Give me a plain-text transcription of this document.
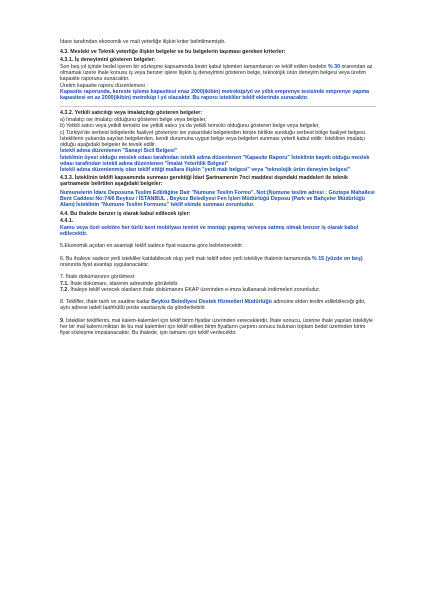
İdare tarafından ekonomik ve mali yeterliğe ilişkin kriter belirtilmemiştir.

4.3. Mesleki ve Teknik yeterliğe ilişkin belgeler ve bu belgelerin taşıması gereken kriterler:

4.3.1. İş deneyimini gösteren belgeler:

Son beş yıl içinde bedel içeren bir sözleşme kapsamında kesin kabul işlemleri tamamlanan ve teklif edilen bedelin % 30 oranından az olmamak üzere ihale konusu iş veya benzer işlere ilişkin iş deneyimini gösteren belge, teknolojik ürün deneyim belgesi veya üretim kapasite raporunu sunacaktır.

Üretim kapasite raporu düzenlemesi :

Kapasite raporunda, kereste işleme kapasitesi enaz 2000(ikibin) metreküp/yıl ve yıllık emprenye tesisinde emprenye yapma kapasitesi en az 2000(ikibin) metreküp / yıl olacaktır. Bu raporu istekliler teklif eklerinde sunacaktır.

4.3.2. Yetkili satıcılığı veya imalatçılığı gösteren belgeler:

a) İmalatçı ise imalatçı olduğunu gösteren belge veya belgeler,

b) Yetkili satıcı veya yetkili temsilci ise yetkili satıcı ya da yetkili temsilci olduğunu gösteren belge veya belgeler,

c) Türkiye'de serbest bölgelerde faaliyet gösteriyor ise yukarıdaki belgelerden biriyle birlikte sunduğu serbest bölge faaliyet belgesi.

İsteklilerin yukarıda sayılan belgelerden, kendi durumuna uygun belge veya belgeleri sunması yeterli kabul edilir. İsteklinin imalatçı olduğu aşağıdaki belgeler ile tevsik edilir.

İstekli adına düzenlenen "Sanayi Sicil Belgesi"

İsteklinin üyesi olduğu meslek odası tarafından istekli adına düzenlenen "Kapasite Raporu" İsteklinin kayıtlı olduğu meslek odası tarafından istekli adına düzenlenen "İmalat Yeterlilik Belgesi"

İstekli adına düzenlenmiş olan teklif ettiği mallara ilişkin "yerli malı belgesi" veya "teknolojik ürün deneyim belgesi"

4.3.3. İsteklinin teklifi kapsamında sunması gerektiği İdari Şartnamenin 7nci maddesi dışındaki maddeleri ile teknik şartnamede belirtilen aşağıdaki belgeler:

Numunelerin İdare Deposuna Teslim Edildiğine Dair "Numune Teslim Formu". Not:(Numune teslim adresi : Göztepe Mahallesi Bent Caddesi No:74/6 Beykoz / İSTANBUL , Beykoz Belediyesi Fen İşleri Müdürlüğü Deposu (Park ve Bahçeler Müdürlüğü Alanı) İsteklinin "Numune Teslim Formunu" teklif ekinde sunması zorunludur.

4.4. Bu ihalede benzer iş olarak kabul edilecek işler:

4.4.1.

Kamu veya özel sektöre her türlü kent mobilyası temini ve montajı yapmış ve/veya satmış olmak benzer iş olarak kabul edilecektir.

5.Ekonomik açıdan en avantajlı teklif sadece fiyat esasına göre belirlenecektir.

6. Bu ihaleye sadece yerli istekliler katılabilecek olup yerli malı teklif eden yerli istekliye ihalenin tamamında % 15 (yüzde on beş) oranında fiyat avantajı uygulanacaktır.

7. İhale dokümanının görülmesi:

7.1. İhale dokümanı, idarenin adresinde görülebilir.

7.2. İhaleye teklif verecek olanların ihale dokümanını EKAP üzerinden e-imza kullanarak indirmeleri zorunludur.

8. Teklifler, ihale tarih ve saatine kadar Beykoz Belediyesi Destek Hizmetleri Müdürlüğü adresine elden teslim edilebileceği gibi, aynı adrese iadeli taahhütlü posta vasıtasıyla da gönderilebilir.

9. İstekliler tekliflerini, mal kalem-kalemleri için teklif birim fiyatlar üzerinden vereceklerdir. İhale sonucu, üzerine ihale yapılan istekliyle her bir mal kalemi miktarı ile bu mal kalemleri için teklif edilen birim fiyatların çarpımı sonucu bulunan toplam bedel üzerinden birim fiyat sözleşme imzalanacaktır. Bu ihalede, işin tamamı için teklif verilecektir.
